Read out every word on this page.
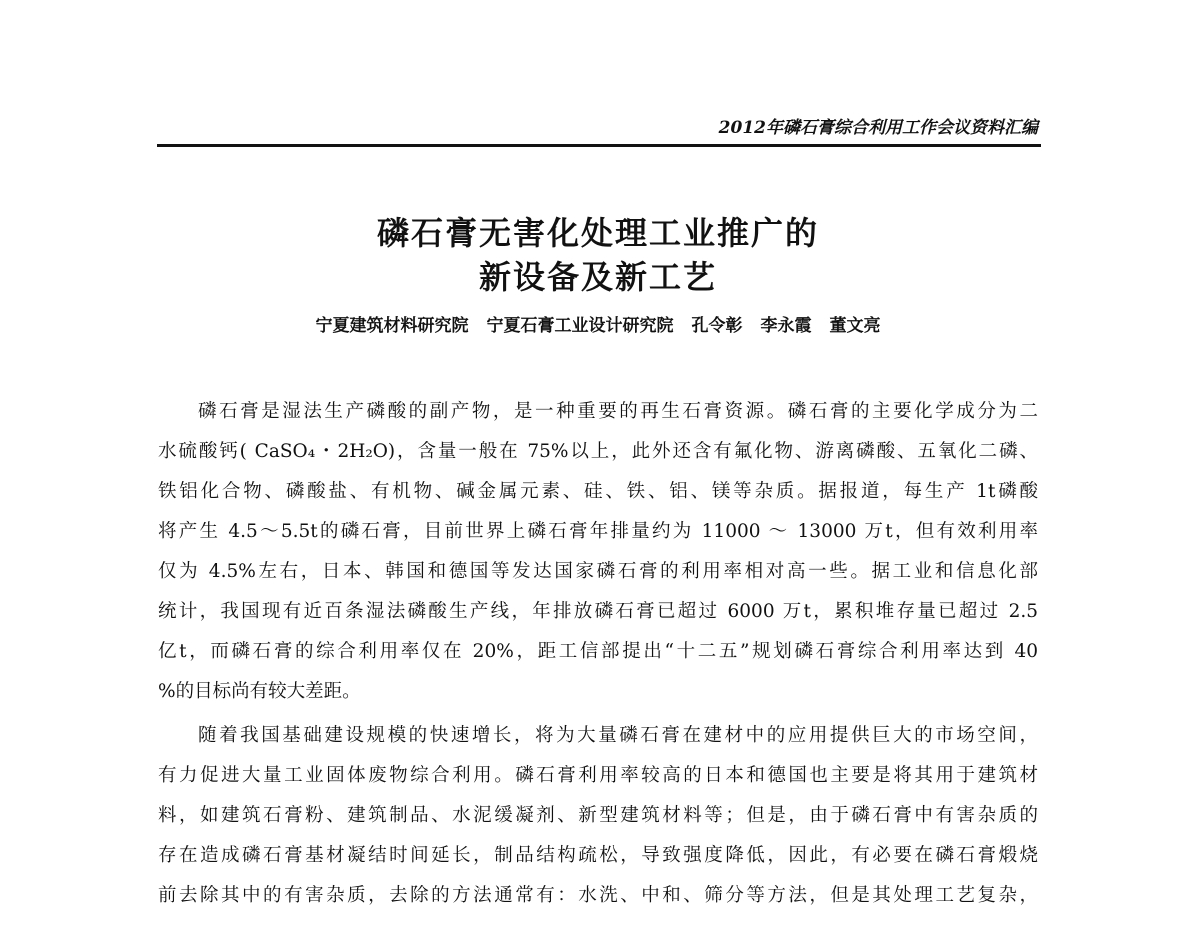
2012年磷石膏综合利用工作会议资料汇编
磷石膏无害化处理工业推广的
新设备及新工艺
宁夏建筑材料研究院 宁夏石膏工业设计研究院 孔令彰 李永霞 董文亮
磷石膏是湿法生产磷酸的副产物，是一种重要的再生石膏资源。磷石膏的主要化学成分为二
水硫酸钙( CaSO₄・2H₂O)，含量一般在 75%以上，此外还含有氟化物、游离磷酸、五氧化二磷、
铁铝化合物、磷酸盐、有机物、碱金属元素、硅、铁、铝、镁等杂质。据报道，每生产 1t磷酸
将产生 4.5～5.5t的磷石膏，目前世界上磷石膏年排量约为 11000 ～ 13000 万t，但有效利用率
仅为 4.5%左右，日本、韩国和德国等发达国家磷石膏的利用率相对高一些。据工业和信息化部
统计，我国现有近百条湿法磷酸生产线，年排放磷石膏已超过 6000 万t，累积堆存量已超过 2.5
亿t，而磷石膏的综合利用率仅在 20%，距工信部提出“十二五”规划磷石膏综合利用率达到 40
%的目标尚有较大差距。
随着我国基础建设规模的快速增长，将为大量磷石膏在建材中的应用提供巨大的市场空间，
有力促进大量工业固体废物综合利用。磷石膏利用率较高的日本和德国也主要是将其用于建筑材
料，如建筑石膏粉、建筑制品、水泥缓凝剂、新型建筑材料等；但是，由于磷石膏中有害杂质的
存在造成磷石膏基材凝结时间延长，制品结构疏松，导致强度降低，因此，有必要在磷石膏煅烧
前去除其中的有害杂质，去除的方法通常有：水洗、中和、筛分等方法，但是其处理工艺复杂，
